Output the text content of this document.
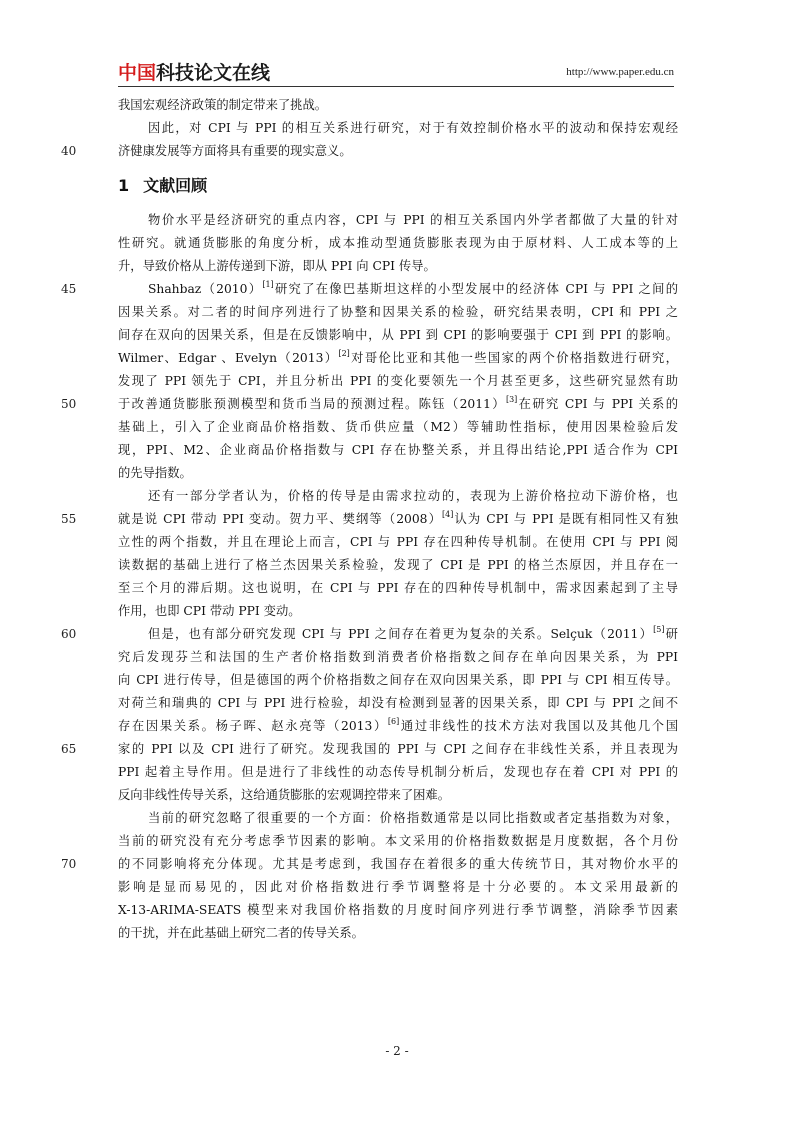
中国科技论文在线	http://www.paper.edu.cn
我国宏观经济政策的制定带来了挑战。
因此，对 CPI 与 PPI 的相互关系进行研究，对于有效控制价格水平的波动和保持宏观经
济健康发展等方面将具有重要的现实意义。
40
1 文献回顾
物价水平是经济研究的重点内容，CPI 与 PPI 的相互关系国内外学者都做了大量的针对
性研究。就通货膨胀的角度分析，成本推动型通货膨胀表现为由于原材料、人工成本等的上
升，导致价格从上游传递到下游，即从 PPI 向 CPI 传导。
Shahbaz（2010）[1]研究了在像巴基斯坦这样的小型发展中的经济体 CPI 与 PPI 之间的
45
因果关系。对二者的时间序列进行了协整和因果关系的检验，研究结果表明，CPI 和 PPI 之
间存在双向的因果关系，但是在反馈影响中，从 PPI 到 CPI 的影响要强于 CPI 到 PPI 的影响。
Wilmer、Edgar 、Evelyn（2013）[2]对哥伦比亚和其他一些国家的两个价格指数进行研究，
发现了 PPI 领先于 CPI，并且分析出 PPI 的变化要领先一个月甚至更多，这些研究显然有助
于改善通货膨胀预测模型和货币当局的预测过程。陈钰（2011）[3]在研究 CPI 与 PPI 关系的
50
基础上，引入了企业商品价格指数、货币供应量（M2）等辅助性指标，使用因果检验后发
现，PPI、M2、企业商品价格指数与 CPI 存在协整关系，并且得出结论,PPI 适合作为 CPI
的先导指数。
还有一部分学者认为，价格的传导是由需求拉动的，表现为上游价格拉动下游价格，也
就是说 CPI 带动 PPI 变动。贺力平、樊纲等（2008）[4]认为 CPI 与 PPI 是既有相同性又有独
55
立性的两个指数，并且在理论上而言，CPI 与 PPI 存在四种传导机制。在使用 CPI 与 PPI 阅
读数据的基础上进行了格兰杰因果关系检验，发现了 CPI 是 PPI 的格兰杰原因，并且存在一
至三个月的滞后期。这也说明，在 CPI 与 PPI 存在的四种传导机制中，需求因素起到了主导
作用，也即 CPI 带动 PPI 变动。
但是，也有部分研究发现 CPI 与 PPI 之间存在着更为复杂的关系。Selçuk（2011）[5]研
60
究后发现芬兰和法国的生产者价格指数到消费者价格指数之间存在单向因果关系，为 PPI
向 CPI 进行传导，但是德国的两个价格指数之间存在双向因果关系，即 PPI 与 CPI 相互传导。
对荷兰和瑞典的 CPI 与 PPI 进行检验，却没有检测到显著的因果关系，即 CPI 与 PPI 之间不
存在因果关系。杨子晖、赵永亮等（2013）[6]通过非线性的技术方法对我国以及其他几个国
家的 PPI 以及 CPI 进行了研究。发现我国的 PPI 与 CPI 之间存在非线性关系，并且表现为
65
PPI 起着主导作用。但是进行了非线性的动态传导机制分析后，发现也存在着 CPI 对 PPI 的
反向非线性传导关系，这给通货膨胀的宏观调控带来了困难。
当前的研究忽略了很重要的一个方面：价格指数通常是以同比指数或者定基指数为对象，
当前的研究没有充分考虑季节因素的影响。本文采用的价格指数数据是月度数据，各个月份
的不同影响将充分体现。尤其是考虑到，我国存在着很多的重大传统节日，其对物价水平的
70
影响是显而易见的，因此对价格指数进行季节调整将是十分必要的。本文采用最新的
X-13-ARIMA-SEATS 模型来对我国价格指数的月度时间序列进行季节调整，消除季节因素
的干扰，并在此基础上研究二者的传导关系。
- 2 -
